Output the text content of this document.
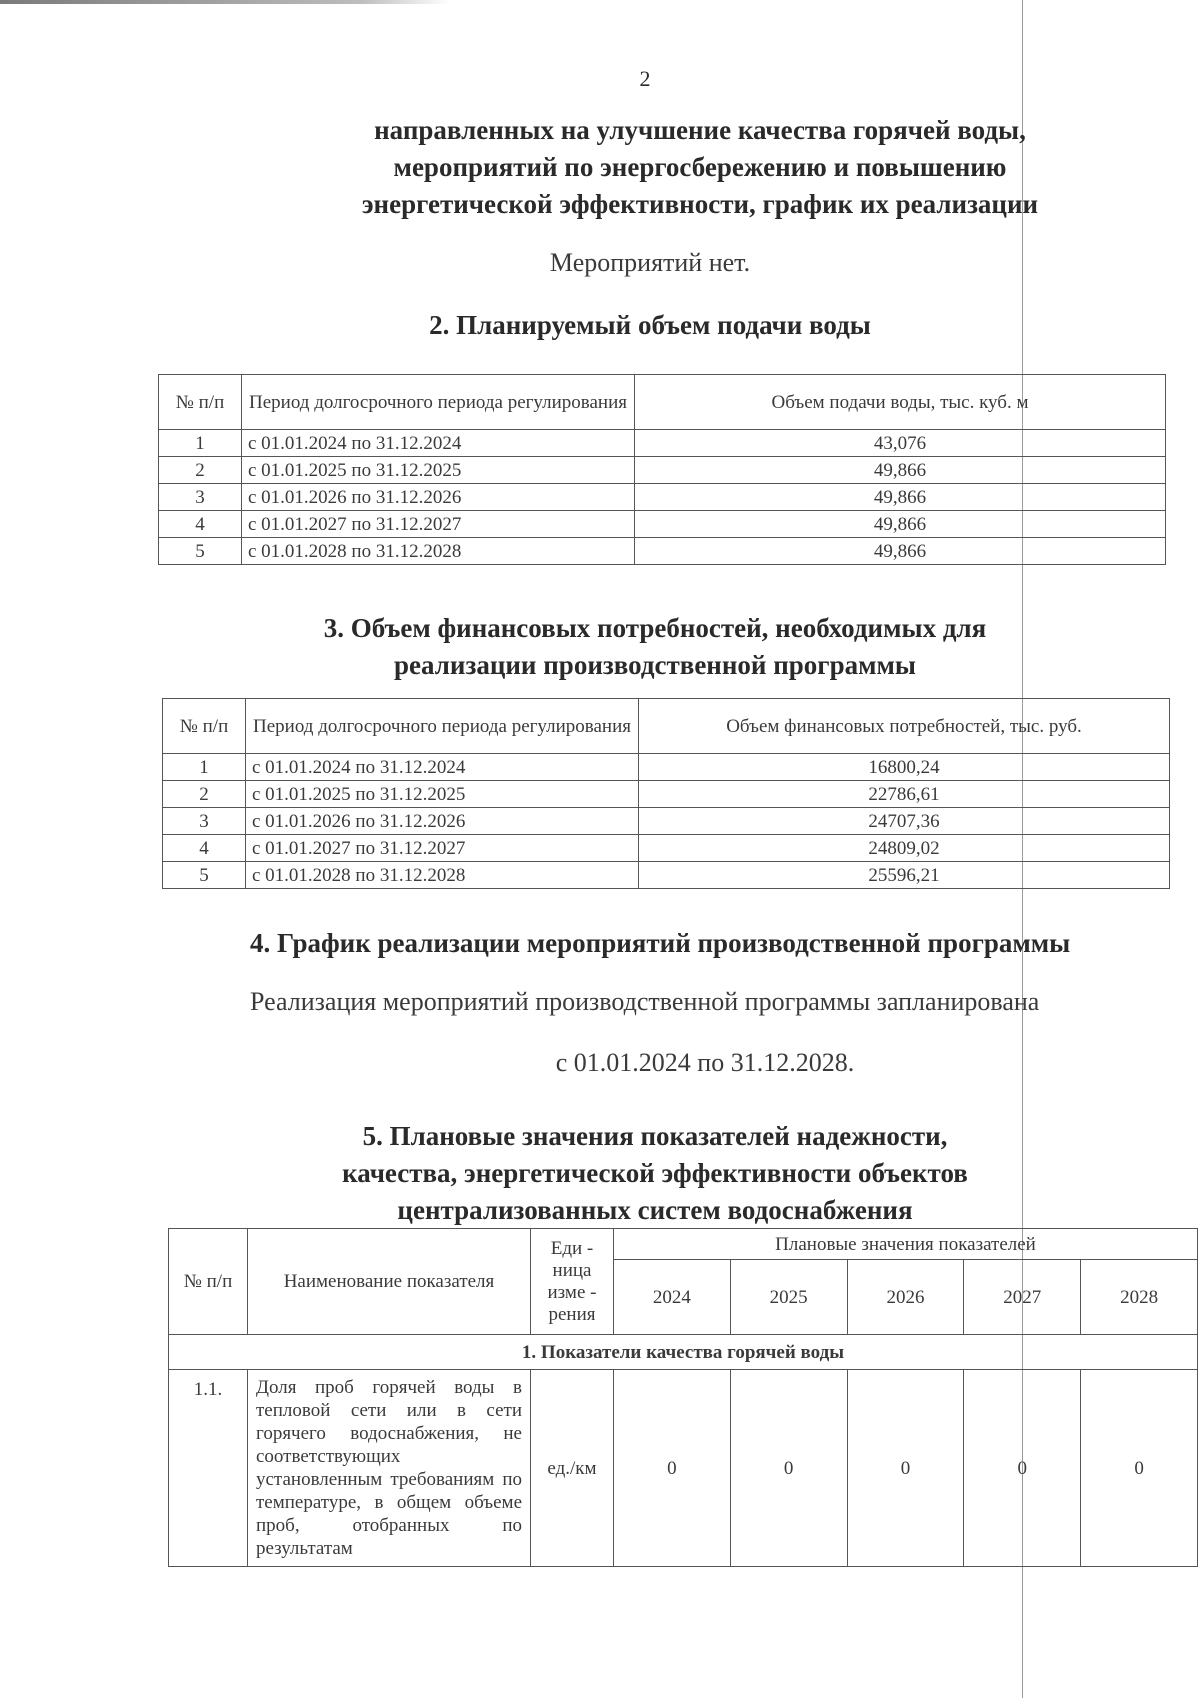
2
направленных на улучшение качества горячей воды,
мероприятий по энергосбережению и повышению
энергетической эффективности, график их реализации
Мероприятий нет.
2. Планируемый объем подачи воды
№ п/п	Период долгосрочного периода регулирования	Объем подачи воды, тыс. куб. м
1	с 01.01.2024 по 31.12.2024	43,076
2	с 01.01.2025 по 31.12.2025	49,866
3	с 01.01.2026 по 31.12.2026	49,866
4	с 01.01.2027 по 31.12.2027	49,866
5	с 01.01.2028 по 31.12.2028	49,866
3. Объем финансовых потребностей, необходимых для
реализации производственной программы
№ п/п	Период долгосрочного периода регулирования	Объем финансовых потребностей, тыс. руб.
1	с 01.01.2024 по 31.12.2024	16800,24
2	с 01.01.2025 по 31.12.2025	22786,61
3	с 01.01.2026 по 31.12.2026	24707,36
4	с 01.01.2027 по 31.12.2027	24809,02
5	с 01.01.2028 по 31.12.2028	25596,21
4. График реализации мероприятий производственной программы
Реализация мероприятий производственной программы запланирована
с 01.01.2024 по 31.12.2028.
5. Плановые значения показателей надежности,
качества, энергетической эффективности объектов
централизованных систем водоснабжения
№ п/п	Наименование показателя	Еди - ница изме - рения	Плановые значения показателей				
			2024	2025	2026	2027	2028
1. Показатели качества горячей воды							
1.1.	Доля проб горячей воды в тепловой сети или в сети горячего водоснабжения, не соответствующих установленным требованиям по температуре, в общем объеме проб, отобранных по результатам	ед./км	0	0	0	0	0
